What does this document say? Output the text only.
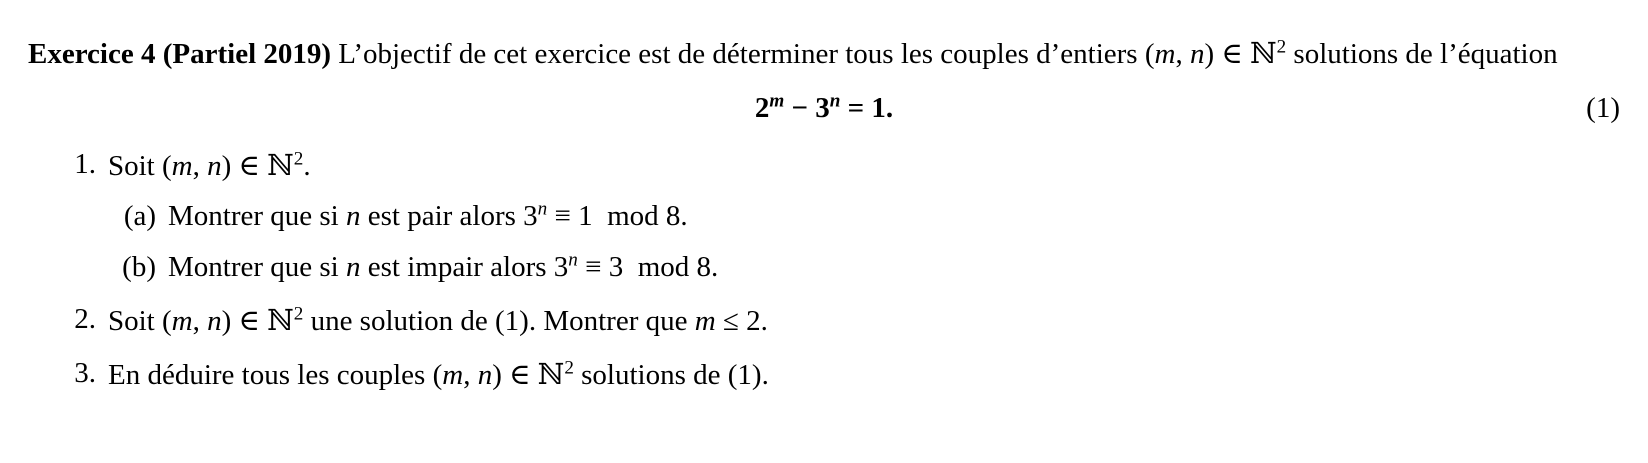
Exercice 4 (Partiel 2019) L’objectif de cet exercice est de déterminer tous les couples d’entiers (m, n) ∈ ℕ$^2$ solutions de l’équation

$2^m - 3^n = 1$.	(1)
1. Soit (m, n) ∈ ℕ$^2$.
(a) Montrer que si n est pair alors $3^n \equiv 1$ mod 8.
(b) Montrer que si n est impair alors $3^n \equiv 3$ mod 8.
2. Soit (m, n) ∈ ℕ$^2$ une solution de (1). Montrer que m ≤ 2.
3. En déduire tous les couples (m, n) ∈ ℕ$^2$ solutions de (1).
